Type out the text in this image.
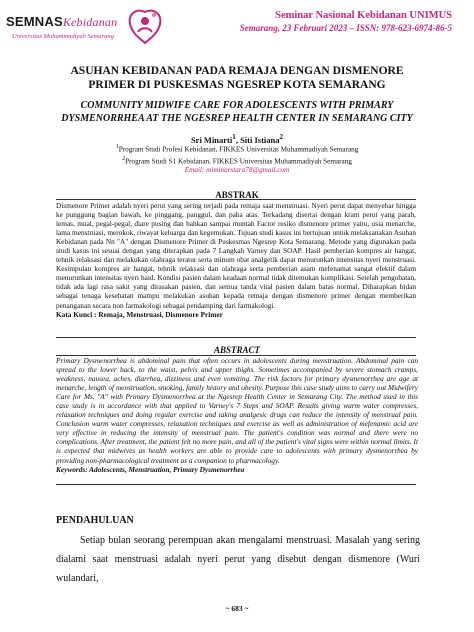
SEMNASKebidanan
Universitas Muhammadiyah Semarang
Seminar Nasional Kebidanan UNIMUS
Semarang, 23 Februari 2023 – ISSN: 978-623-6974-86-5
ASUHAN KEBIDANAN PADA REMAJA DENGAN DISMENORE
PRIMER DI PUSKESMAS NGESREP KOTA SEMARANG
COMMUNITY MIDWIFE CARE FOR ADOLESCENTS WITH PRIMARY
DYSMENORRHEA AT THE NGESREP HEALTH CENTER IN SEMARANG CITY
Sri Minarti$^1$, Siti Istiana$^2$
$^1$Program Studi Profesi Kebidanan, FIKKES Universitas Muhammadiyah Semarang
$^2$Program Studi S1 Kebidanan, FIKKES Universitas Muhammadiyah Semarang
Email: miminarstara78@gmail.com
ABSTRAK
Dismenore Primer adalah nyeri perut yang sering terjadi pada remaja saat menstruasi. Nyeri perut dapat menyebar hingga ke punggung bagian bawah, ke pinggang, panggul, dan paha atas. Terkadang disertai dengan kram perut yang parah, lemas, mual, pegal-pegal, diare pusing dan bahkan sampai muntah Factor resiko dismenore primer yaitu, usia menarche, lama menstruasi, merokok, riwayat keluarga dan kegemukan. Tujuan studi kasus ini bertujuan untuk melaksanakan Asuhan Kebidanan pada Nn "A" dengan Dismenore Primer di Puskesmas Ngesrep Kota Semarang. Metode yang digunakan pada studi kasus ini sesuai dengan yang diterapkan pada 7 Langkah Varney dan SOAP. Hasil pemberian kompres air hangat, tehnik relaksasi dan melakukan olahraga teratur serta minum obat analgetik dapat menurunkan intensitas nyeri menstruasi. Kesimpulan kompres air hangat, tehnik relaksasi dan olahraga serta pemberian asam mefenamat sangat efektif dalam menurunkan intensitas nyeri haid. Kondisi pasien dalam keadaan normal tidak ditemukan komplikasi. Setelah pengobatan, tidak ada lagi rasa sakit yang dirasakan pasien, dan semua tanda vital pasien dalam batas normal. Diharapkan bidan sebagai tenaga kesehatan mampu melakukan asuhan kepada remaja dengan dismenore primer dengan memberikan penanganan secara non farmakologi sebagai pendamping dari farmakologi.
Kata Kunci : Remaja, Menstruasi, Dismenore Primer
ABSTRACT
Primary Dysmenorrhea is abdominal pain that often occurs in adolescents during menstruation. Abdominal pain can spread to the lower back, to the waist, pelvis and upper thighs. Sometimes accompanied by severe stomach cramps, weakness, nausea, aches, diarrhea, dizziness and even vomiting. The risk factors for primary dysmenorrhea are age at menarche, length of menstruation, smoking, family history and obesity. Purpose this case study aims to carry out Midwifery Care for Ms. "A" with Primary Dysmenorrhea at the Ngesrep Health Center in Semarang City. The method used in this case study is in accordance with that applied to Varney's 7 Steps and SOAP. Results giving warm water compresses, relaxation techniques and doing regular exercise and taking analgesic drugs can reduce the intensity of menstrual pain. Conclusion warm water compresses, relaxation techniques and exercise as well as administration of mefenamic acid are very effective in reducing the intensity of menstrual pain. The patient's condition was normal and there were no complications. After treatment, the patient felt no more pain, and all of the patient's vital signs were within normal limits. It is expected that midwives as health workers are able to provide care to adolescents with primary dysmenorrhea by providing non-pharmacological treatment as a companion to pharmacology.
Keywords: Adolescents, Menstruation, Primary Dysmenorrhea
PENDAHULUAN
Setiap bulan seorang perempuan akan mengalami menstruasi. Masalah yang sering dialami saat menstruasi adalah nyeri perut yang disebut dengan dismenore (Wuri wulandari,
~ 683 ~
